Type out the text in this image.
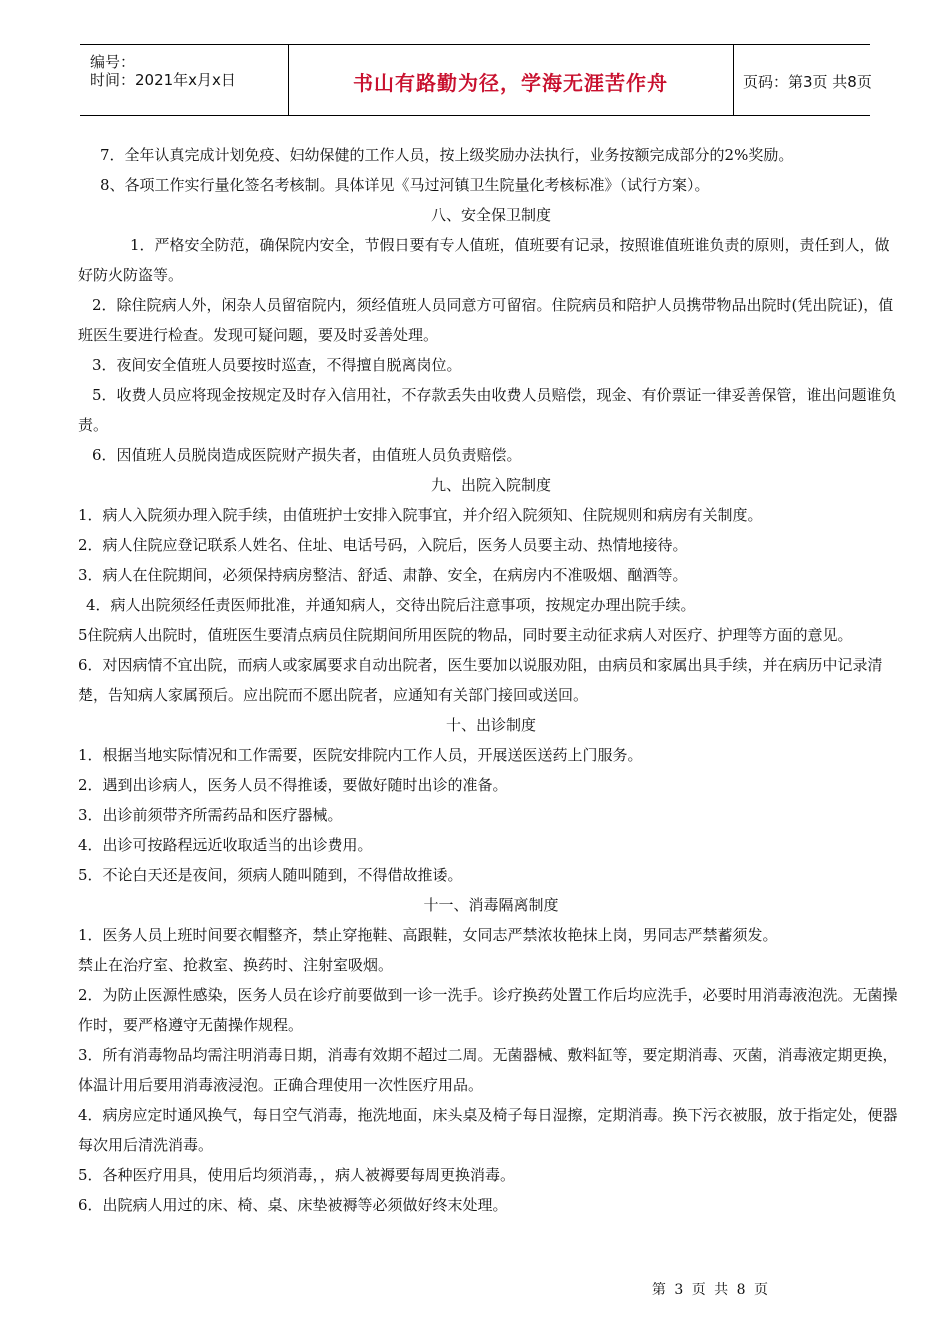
编号：
时间：2021年x月x日	书山有路勤为径，学海无涯苦作舟	页码：第3页 共8页

7．全年认真完成计划免疫、妇幼保健的工作人员，按上级奖励办法执行，业务按额完成部分的2%奖励。

8、各项工作实行量化签名考核制。具体详见《马过河镇卫生院量化考核标准》（试行方案）。

八、安全保卫制度

1．严格安全防范，确保院内安全，节假日要有专人值班，值班要有记录，按照谁值班谁负责的原则，责任到人，做好防火防盗等。

2．除住院病人外，闲杂人员留宿院内，须经值班人员同意方可留宿。住院病员和陪护人员携带物品出院时(凭出院证)，值班医生要进行检查。发现可疑问题，要及时妥善处理。

3．夜间安全值班人员要按时巡查，不得擅自脱离岗位。

5．收费人员应将现金按规定及时存入信用社，不存款丢失由收费人员赔偿，现金、有价票证一律妥善保管，谁出问题谁负责。

6．因值班人员脱岗造成医院财产损失者，由值班人员负责赔偿。

九、出院入院制度

1．病人入院须办理入院手续，由值班护士安排入院事宜，并介绍入院须知、住院规则和病房有关制度。

2．病人住院应登记联系人姓名、住址、电话号码，入院后，医务人员要主动、热情地接待。

3．病人在住院期间，必须保持病房整洁、舒适、肃静、安全，在病房内不准吸烟、酗酒等。

4．病人出院须经任责医师批准，并通知病人，交待出院后注意事项，按规定办理出院手续。

5住院病人出院时，值班医生要清点病员住院期间所用医院的物品，同时要主动征求病人对医疗、护理等方面的意见。

6．对因病情不宜出院，而病人或家属要求自动出院者，医生要加以说服劝阻，由病员和家属出具手续，并在病历中记录清楚，告知病人家属预后。应出院而不愿出院者，应通知有关部门接回或送回。

十、出诊制度

1．根据当地实际情况和工作需要，医院安排院内工作人员，开展送医送药上门服务。

2．遇到出诊病人，医务人员不得推诿，要做好随时出诊的准备。

3．出诊前须带齐所需药品和医疗器械。

4．出诊可按路程远近收取适当的出诊费用。

5．不论白天还是夜间，须病人随叫随到，不得借故推诿。

十一、消毒隔离制度

1．医务人员上班时间要衣帽整齐，禁止穿拖鞋、高跟鞋，女同志严禁浓妆艳抹上岗，男同志严禁蓄须发。

禁止在治疗室、抢救室、换药时、注射室吸烟。

2．为防止医源性感染，医务人员在诊疗前要做到一诊一洗手。诊疗换药处置工作后均应洗手，必要时用消毒液泡洗。无菌操作时，要严格遵守无菌操作规程。

3．所有消毒物品均需注明消毒日期，消毒有效期不超过二周。无菌器械、敷料缸等，要定期消毒、灭菌，消毒液定期更换，体温计用后要用消毒液浸泡。正确合理使用一次性医疗用品。

4．病房应定时通风换气，每日空气消毒，拖洗地面，床头桌及椅子每日湿擦，定期消毒。换下污衣被服，放于指定处，便器每次用后清洗消毒。

5．各种医疗用具，使用后均须消毒，，病人被褥要每周更换消毒。

6．出院病人用过的床、椅、桌、床垫被褥等必须做好终末处理。

第 3 页 共 8 页
